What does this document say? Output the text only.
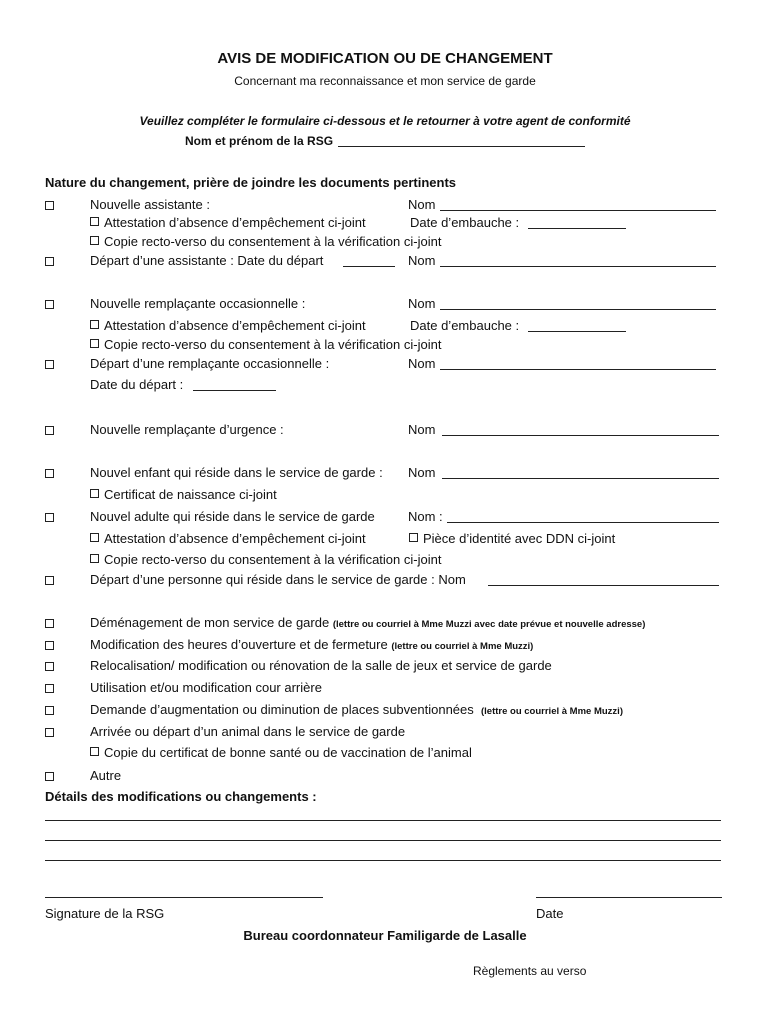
AVIS DE MODIFICATION OU DE CHANGEMENT
Concernant ma reconnaissance et mon service de garde
Veuillez compléter le formulaire ci-dessous et le retourner à votre agent de conformité
Nom et prénom de la RSG
Nature du changement, prière de joindre les documents pertinents
Nouvelle assistante :	Nom
Attestation d’absence d’empêchement ci-joint	Date d’embauche :
Copie recto-verso du consentement à la vérification ci-joint
Départ d’une assistante : Date du départ	Nom
Nouvelle remplaçante occasionnelle :	Nom
Attestation d’absence d’empêchement ci-joint	Date d’embauche :
Copie recto-verso du consentement à la vérification ci-joint
Départ d’une remplaçante occasionnelle :	Nom
Date du départ :
Nouvelle remplaçante d’urgence :	Nom
Nouvel enfant qui réside dans le service de garde : Nom
Certificat de naissance ci-joint
Nouvel adulte qui réside dans le service de garde	Nom :
Attestation d’absence d’empêchement ci-joint	Pièce d’identité avec DDN ci-joint
Copie recto-verso du consentement à la vérification ci-joint
Départ d’une personne qui réside dans le service de garde : Nom
Déménagement de mon service de garde (lettre ou courriel à Mme Muzzi avec date prévue et nouvelle adresse)
Modification des heures d’ouverture et de fermeture (lettre ou courriel à Mme Muzzi)
Relocalisation/ modification ou rénovation de la salle de jeux et service de garde
Utilisation et/ou modification cour arrière
Demande d’augmentation ou diminution de places subventionnées (lettre ou courriel à Mme Muzzi)
Arrivée ou départ d’un animal dans le service de garde
Copie du certificat de bonne santé ou de vaccination de l’animal
Autre
Détails des modifications ou changements :
Signature de la RSG	Date
Bureau coordonnateur Familigarde de Lasalle
Règlements au verso
